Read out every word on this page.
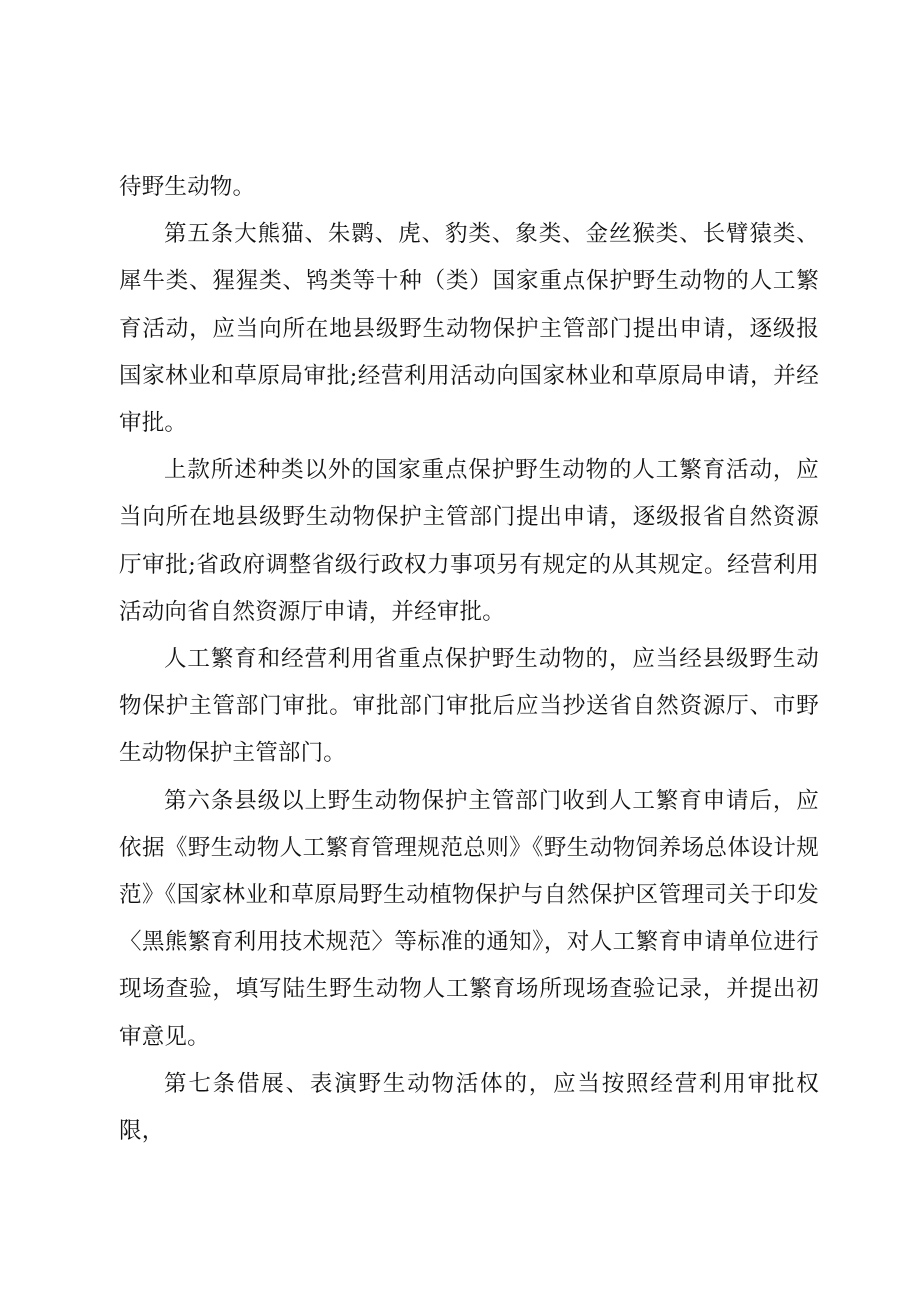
待野生动物。

第五条大熊猫、朱鹮、虎、豹类、象类、金丝猴类、长臂猿类、犀牛类、猩猩类、鸨类等十种（类）国家重点保护野生动物的人工繁育活动，应当向所在地县级野生动物保护主管部门提出申请，逐级报国家林业和草原局审批;经营利用活动向国家林业和草原局申请，并经审批。

上款所述种类以外的国家重点保护野生动物的人工繁育活动，应当向所在地县级野生动物保护主管部门提出申请，逐级报省自然资源厅审批;省政府调整省级行政权力事项另有规定的从其规定。经营利用活动向省自然资源厅申请，并经审批。

人工繁育和经营利用省重点保护野生动物的，应当经县级野生动物保护主管部门审批。审批部门审批后应当抄送省自然资源厅、市野生动物保护主管部门。

第六条县级以上野生动物保护主管部门收到人工繁育申请后，应依据《野生动物人工繁育管理规范总则》《野生动物饲养场总体设计规范》《国家林业和草原局野生动植物保护与自然保护区管理司关于印发〈黑熊繁育利用技术规范〉等标准的通知》，对人工繁育申请单位进行现场查验，填写陆生野生动物人工繁育场所现场查验记录，并提出初审意见。

第七条借展、表演野生动物活体的，应当按照经营利用审批权限，
